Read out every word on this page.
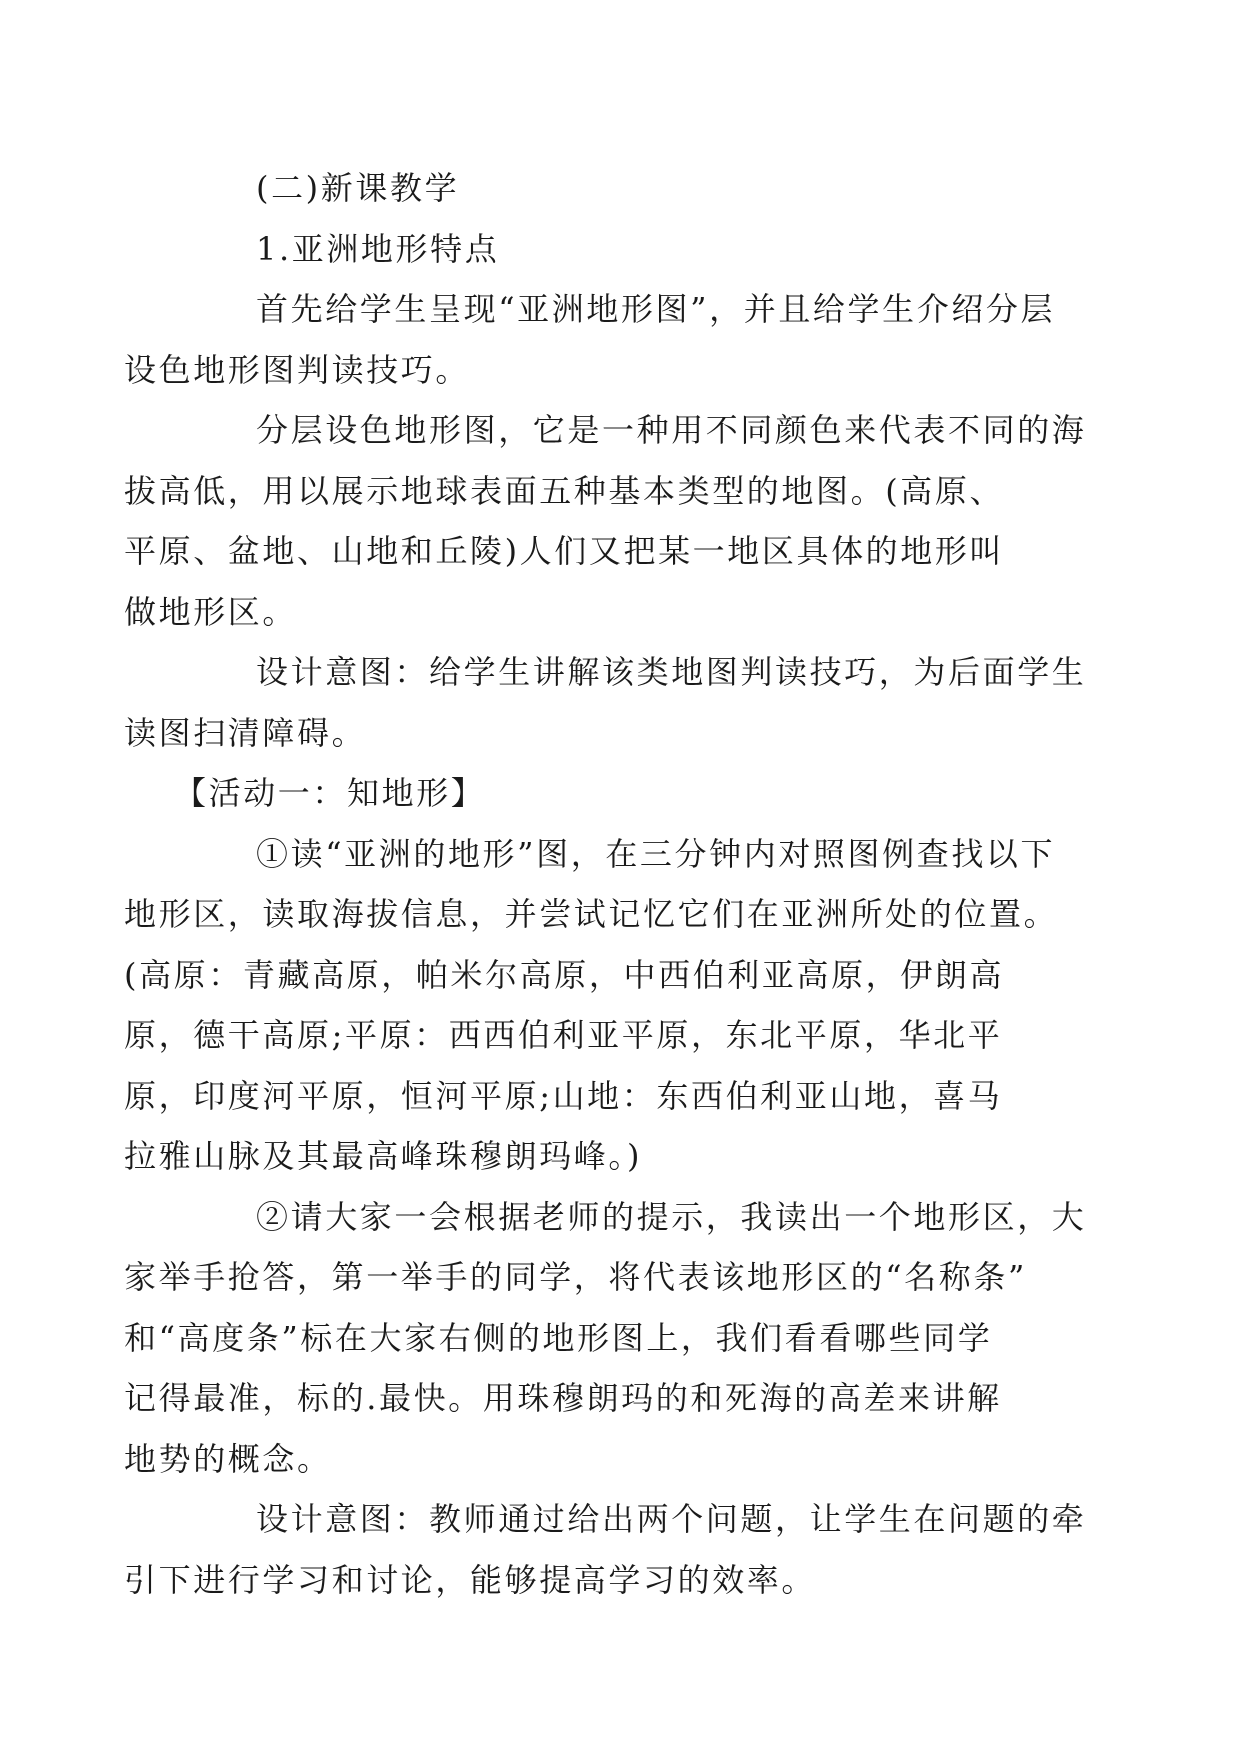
(二)新课教学

1.亚洲地形特点

首先给学生呈现“亚洲地形图”，并且给学生介绍分层
设色地形图判读技巧。

分层设色地形图，它是一种用不同颜色来代表不同的海
拔高低，用以展示地球表面五种基本类型的地图。(高原、
平原、盆地、山地和丘陵)人们又把某一地区具体的地形叫
做地形区。

设计意图：给学生讲解该类地图判读技巧，为后面学生
读图扫清障碍。

【活动一：知地形】

①读“亚洲的地形”图，在三分钟内对照图例查找以下
地形区，读取海拔信息，并尝试记忆它们在亚洲所处的位置。
(高原：青藏高原，帕米尔高原，中西伯利亚高原，伊朗高
原，德干高原;平原：西西伯利亚平原，东北平原，华北平
原，印度河平原，恒河平原;山地：东西伯利亚山地，喜马
拉雅山脉及其最高峰珠穆朗玛峰。)

②请大家一会根据老师的提示，我读出一个地形区，大
家举手抢答，第一举手的同学，将代表该地形区的“名称条”
和“高度条”标在大家右侧的地形图上，我们看看哪些同学
记得最准，标的.最快。用珠穆朗玛的和死海的高差来讲解
地势的概念。

设计意图：教师通过给出两个问题，让学生在问题的牵
引下进行学习和讨论，能够提高学习的效率。
